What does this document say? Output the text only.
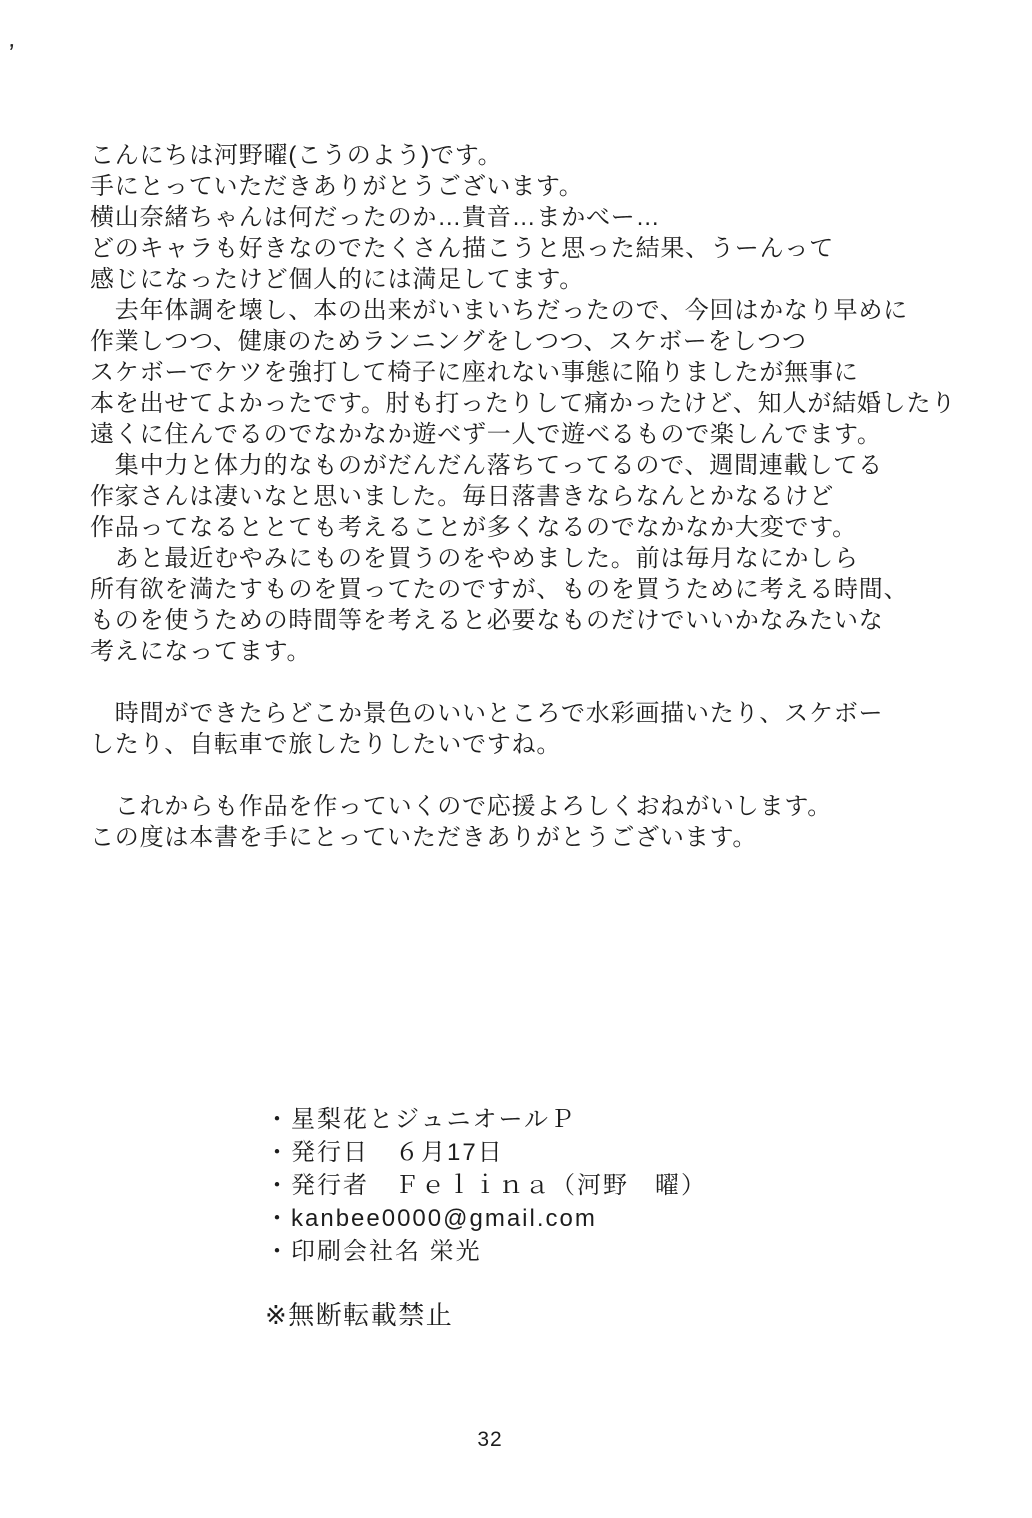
’
こんにちは河野曜(こうのよう)です。
手にとっていただきありがとうございます。
横山奈緒ちゃんは何だったのか…貴音…まかべー…
どのキャラも好きなのでたくさん描こうと思った結果、うーんって
感じになったけど個人的には満足してます。
　去年体調を壊し、本の出来がいまいちだったので、今回はかなり早めに
作業しつつ、健康のためランニングをしつつ、スケボーをしつつ
スケボーでケツを強打して椅子に座れない事態に陥りましたが無事に
本を出せてよかったです。肘も打ったりして痛かったけど、知人が結婚したり
遠くに住んでるのでなかなか遊べず一人で遊べるもので楽しんでます。
　集中力と体力的なものがだんだん落ちてってるので、週間連載してる
作家さんは凄いなと思いました。毎日落書きならなんとかなるけど
作品ってなるととても考えることが多くなるのでなかなか大変です。
　あと最近むやみにものを買うのをやめました。前は毎月なにかしら
所有欲を満たすものを買ってたのですが、ものを買うために考える時間、
ものを使うための時間等を考えると必要なものだけでいいかなみたいな
考えになってます。

　時間ができたらどこか景色のいいところで水彩画描いたり、スケボー
したり、自転車で旅したりしたいですね。

　これからも作品を作っていくので応援よろしくおねがいします。
この度は本書を手にとっていただきありがとうございます。
・星梨花とジュニオールＰ
・発行日　６月17日
・発行者　Ｆｅｌｉｎａ（河野　曜）
・kanbee0000@gmail.com
・印刷会社名 栄光
※無断転載禁止
32
